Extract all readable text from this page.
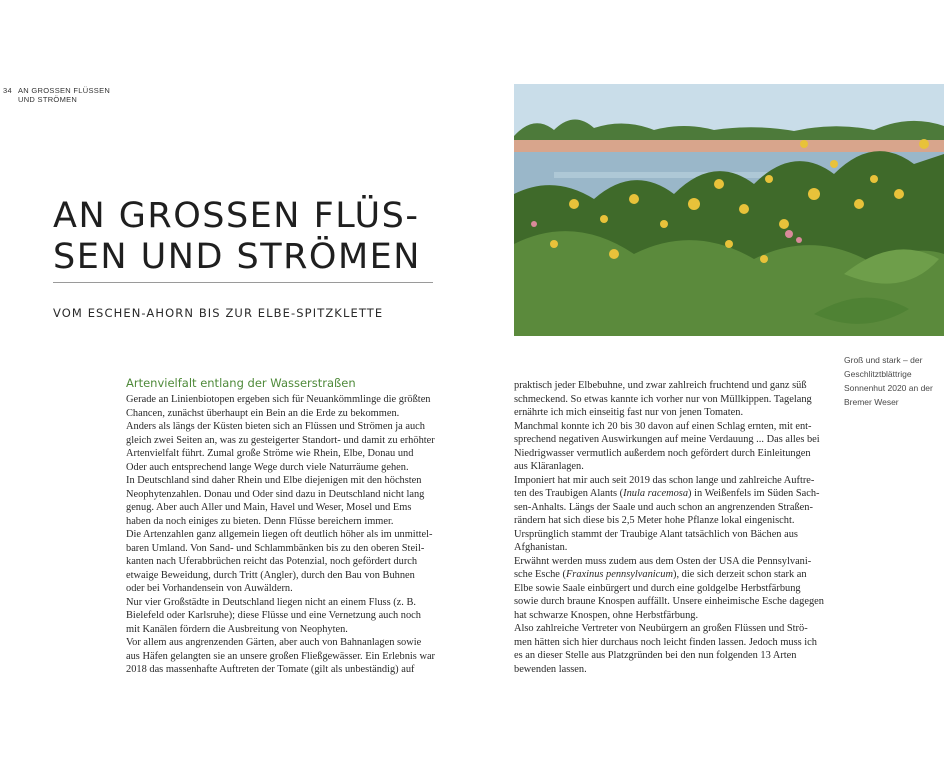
34 AN GROSSEN FLÜSSEN
UND STRÖMEN
AN GROSSEN FLÜS-
SEN UND STRÖMEN
VOM ESCHEN-AHORN BIS ZUR ELBE-SPITZKLETTE
Groß und stark – der
Geschlitztblättrige
Sonnenhut 2020 an der
Bremer Weser
Artenvielfalt entlang der Wasserstraßen
Gerade an Linienbiotopen ergeben sich für Neuankömmlinge die größten
Chancen, zunächst überhaupt ein Bein an die Erde zu bekommen.
Anders als längs der Küsten bieten sich an Flüssen und Strömen ja auch
gleich zwei Seiten an, was zu gesteigerter Standort- und damit zu erhöhter
Artenvielfalt führt. Zumal große Ströme wie Rhein, Elbe, Donau und
Oder auch entsprechend lange Wege durch viele Naturräume gehen.
In Deutschland sind daher Rhein und Elbe diejenigen mit den höchsten
Neophytenzahlen. Donau und Oder sind dazu in Deutschland nicht lang
genug. Aber auch Aller und Main, Havel und Weser, Mosel und Ems
haben da noch einiges zu bieten. Denn Flüsse bereichern immer.
Die Artenzahlen ganz allgemein liegen oft deutlich höher als im unmittel-
baren Umland. Von Sand- und Schlammbänken bis zu den oberen Steil-
kanten nach Uferabbrüchen reicht das Potenzial, noch gefördert durch
etwaige Beweidung, durch Tritt (Angler), durch den Bau von Buhnen
oder bei Vorhandensein von Auwäldern.
Nur vier Großstädte in Deutschland liegen nicht an einem Fluss (z. B.
Bielefeld oder Karlsruhe); diese Flüsse und eine Vernetzung auch noch
mit Kanälen fördern die Ausbreitung von Neophyten.
Vor allem aus angrenzenden Gärten, aber auch von Bahnanlagen sowie
aus Häfen gelangten sie an unsere großen Fließgewässer. Ein Erlebnis war
2018 das massenhafte Auftreten der Tomate (gilt als unbeständig) auf
praktisch jeder Elbebuhne, und zwar zahlreich fruchtend und ganz süß
schmeckend. So etwas kannte ich vorher nur von Müllkippen. Tagelang
ernährte ich mich einseitig fast nur von jenen Tomaten.
Manchmal konnte ich 20 bis 30 davon auf einen Schlag ernten, mit ent-
sprechend negativen Auswirkungen auf meine Verdauung ... Das alles bei
Niedrigwasser vermutlich außerdem noch gefördert durch Einleitungen
aus Kläranlagen.
Imponiert hat mir auch seit 2019 das schon lange und zahlreiche Auftre-
ten des Traubigen Alants (Inula racemosa) in Weißenfels im Süden Sach-
sen-Anhalts. Längs der Saale und auch schon an angrenzenden Straßen-
rändern hat sich diese bis 2,5 Meter hohe Pflanze lokal eingenischt.
Ursprünglich stammt der Traubige Alant tatsächlich von Bächen aus
Afghanistan.
Erwähnt werden muss zudem aus dem Osten der USA die Pennsylvani-
sche Esche (Fraxinus pennsylvanicum), die sich derzeit schon stark an
Elbe sowie Saale einbürgert und durch eine goldgelbe Herbstfärbung
sowie durch braune Knospen auffällt. Unsere einheimische Esche dagegen
hat schwarze Knospen, ohne Herbstfärbung.
Also zahlreiche Vertreter von Neubürgern an großen Flüssen und Strö-
men hätten sich hier durchaus noch leicht finden lassen. Jedoch muss ich
es an dieser Stelle aus Platzgründen bei den nun folgenden 13 Arten
bewenden lassen.
